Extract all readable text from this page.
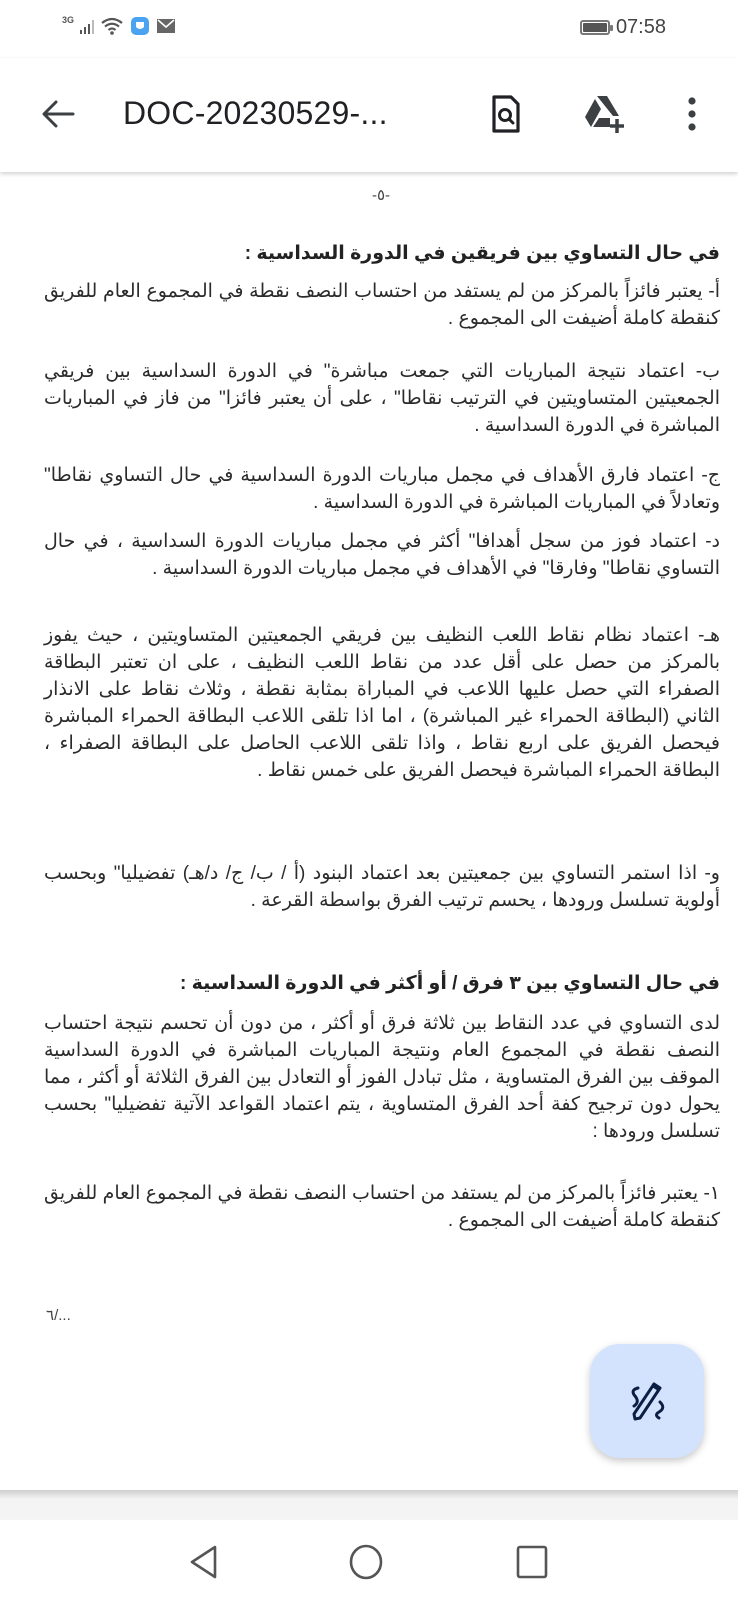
3G	07:58
DOC-20230529-...
-٥-
في حال التساوي بين فريقين في الدورة السداسية :
أ- يعتبر فائزاً بالمركز من لم يستفد من احتساب النصف نقطة في المجموع العام للفريق كنقطة كاملة أضيفت الى المجموع .
ب- اعتماد نتيجة المباريات التي جمعت مباشرة" في الدورة السداسية بين فريقي الجمعيتين المتساويتين في الترتيب نقاطا" ، على أن يعتبر فائزا" من فاز في المباريات المباشرة في الدورة السداسية .
ج- اعتماد فارق الأهداف في مجمل مباريات الدورة السداسية في حال التساوي نقاطا" وتعادلاً في المباريات المباشرة في الدورة السداسية .
د- اعتماد فوز من سجل أهدافا" أكثر في مجمل مباريات الدورة السداسية ، في حال التساوي نقاطا" وفارقا" في الأهداف في مجمل مباريات الدورة السداسية .
هـ- اعتماد نظام نقاط اللعب النظيف بين فريقي الجمعيتين المتساويتين ، حيث يفوز بالمركز من حصل على أقل عدد من نقاط اللعب النظيف ، على ان تعتبر البطاقة الصفراء التي حصل عليها اللاعب في المباراة بمثابة نقطة ، وثلاث نقاط على الانذار الثاني (البطاقة الحمراء غير المباشرة) ، اما اذا تلقى اللاعب البطاقة الحمراء المباشرة فيحصل الفريق على اربع نقاط ، واذا تلقى اللاعب الحاصل على البطاقة الصفراء ، البطاقة الحمراء المباشرة فيحصل الفريق على خمس نقاط .
و- اذا استمر التساوي بين جمعيتين بعد اعتماد البنود (أ / ب/ ج/ د/هـ) تفضيليا" وبحسب أولوية تسلسل ورودها ، يحسم ترتيب الفرق بواسطة القرعة .
في حال التساوي بين ٣ فرق / أو أكثر في الدورة السداسية :
لدى التساوي في عدد النقاط بين ثلاثة فرق أو أكثر ، من دون أن تحسم نتيجة احتساب النصف نقطة في المجموع العام ونتيجة المباريات المباشرة في الدورة السداسية الموقف بين الفرق المتساوية ، مثل تبادل الفوز أو التعادل بين الفرق الثلاثة أو أكثر ، مما يحول دون ترجيح كفة أحد الفرق المتساوية ، يتم اعتماد القواعد الآتية تفضيليا" بحسب تسلسل ورودها :
١- يعتبر فائزاً بالمركز من لم يستفد من احتساب النصف نقطة في المجموع العام للفريق كنقطة كاملة أضيفت الى المجموع .
٦/...
